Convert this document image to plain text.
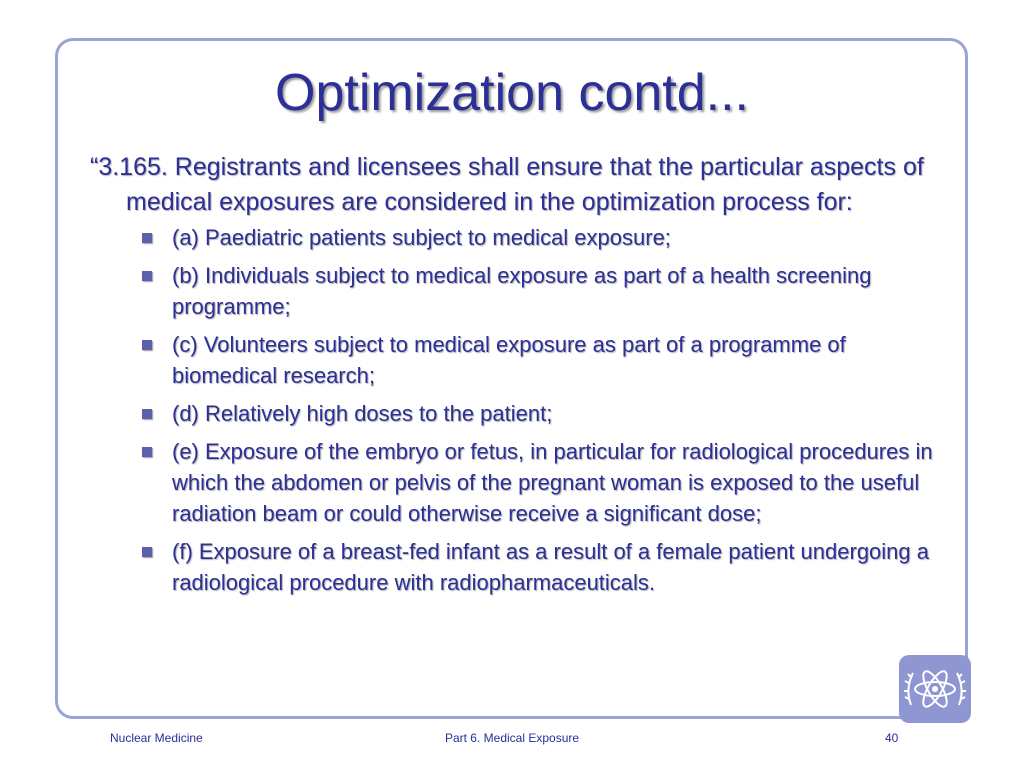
Optimization contd...

“3.165. Registrants and licensees shall ensure that the particular aspects of medical exposures are considered in the optimization process for:

(a) Paediatric patients subject to medical exposure;
(b) Individuals subject to medical exposure as part of a health screening programme;
(c) Volunteers subject to medical exposure as part of a programme of biomedical research;
(d) Relatively high doses to the patient;
(e) Exposure of the embryo or fetus, in particular for radiological procedures in which the abdomen or pelvis of the pregnant woman is exposed to the useful radiation beam or could otherwise receive a significant dose;
(f) Exposure of a breast-fed infant as a result of a female patient undergoing a radiological procedure with radiopharmaceuticals.
Nuclear Medicine	Part 6. Medical Exposure	40
